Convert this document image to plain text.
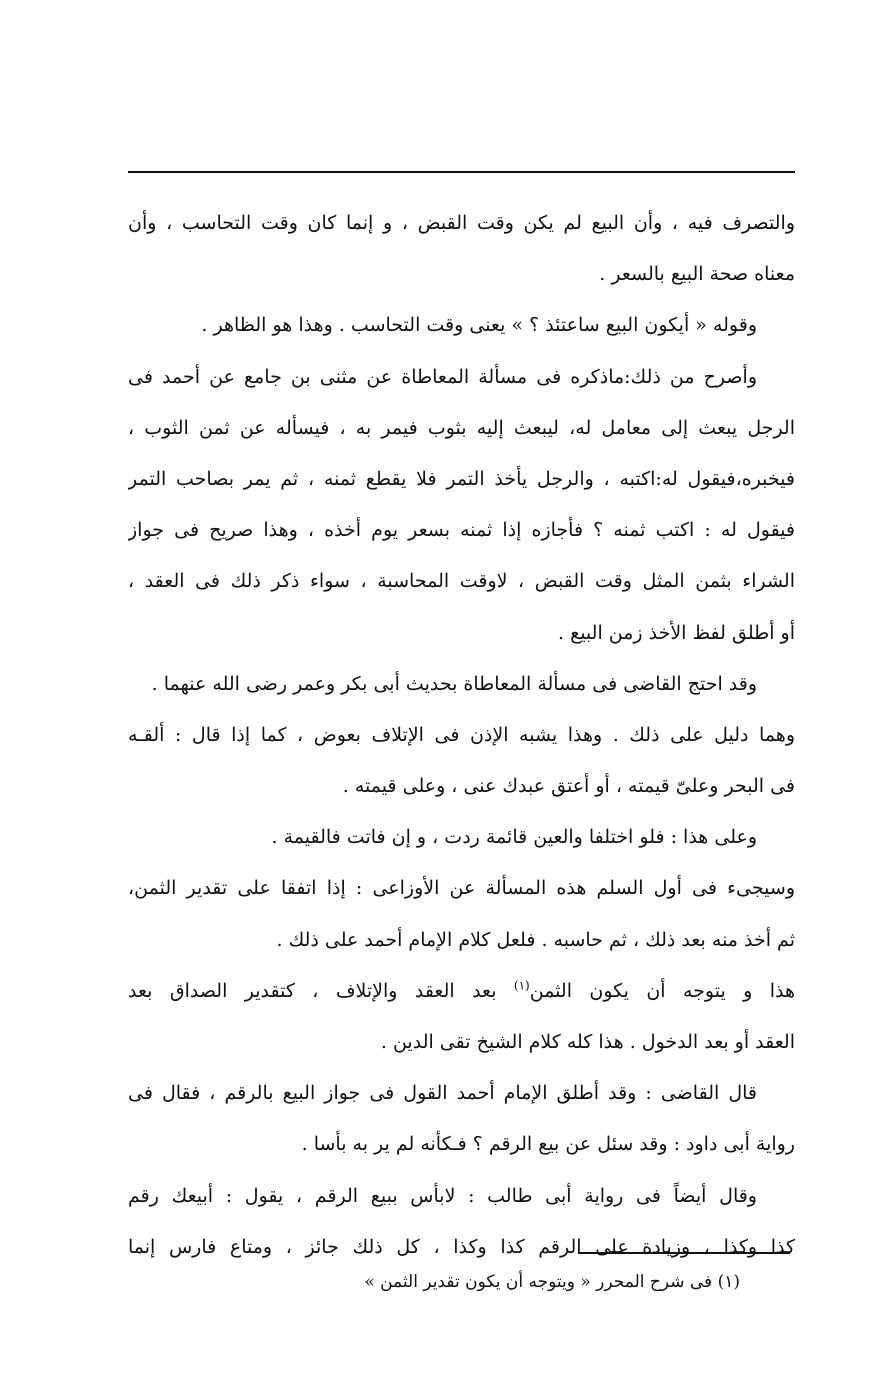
والتصرف فيه ، وأن البيع لم يكن وقت القبض ، و إنما كان وقت التحاسب ، وأن
معناه صحة البيع بالسعر .
وقوله « أيكون البيع ساعتئذ ؟ » يعنى وقت التحاسب . وهذا هو الظاهر .
وأصرح من ذلك:ماذكره فى مسألة المعاطاة عن مثنى بن جامع عن أحمد فى
الرجل يبعث إلى معامل له، ليبعث إليه بثوب فيمر به ، فيسأله عن ثمن الثوب ،
فيخبره،فيقول له:اكتبه ، والرجل يأخذ التمر فلا يقطع ثمنه ، ثم يمر بصاحب التمر
فيقول له : اكتب ثمنه ؟ فأجازه إذا ثمنه بسعر يوم أخذه ، وهذا صريح فى جواز
الشراء بثمن المثل وقت القبض ، لاوقت المحاسبة ، سواء ذكر ذلك فى العقد ،
أو أطلق لفظ الأخذ زمن البيع .
وقد احتج القاضى فى مسألة المعاطاة بحديث أبى بكر وعمر رضى الله عنهما .
وهما دليل على ذلك . وهذا يشبه الإذن فى الإتلاف بعوض ، كما إذا قال : ألقـه
فى البحر وعلىّ قيمته ، أو أعتق عبدك عنى ، وعلى قيمته .
وعلى هذا : فلو اختلفا والعين قائمة ردت ، و إن فاتت فالقيمة .
وسيجىء فى أول السلم هذه المسألة عن الأوزاعى : إذا اتفقا على تقدير الثمن،
ثم أخذ منه بعد ذلك ، ثم حاسبه . فلعل كلام الإمام أحمد على ذلك .
هذا و يتوجه أن يكون الثمن$^{(١)}$ بعد العقد والإتلاف ، كتقدير الصداق بعد
العقد أو بعد الدخول . هذا كله كلام الشيخ تقى الدين .
قال القاضى : وقد أطلق الإمام أحمد القول فى جواز البيع بالرقم ، فقال فى
رواية أبى داود : وقد سئل عن بيع الرقم ؟ فـكأنه لم ير به بأسا .
وقال أيضاً فى رواية أبى طالب : لابأس ببيع الرقم ، يقول : أبيعك رقم
كذا وكذا ، وزيادة على الرقم كذا وكذا ، كل ذلك جائز ، ومتاع فارس إنما
(١) فى شرح المحرر « ويتوجه أن يكون تقدير الثمن »
